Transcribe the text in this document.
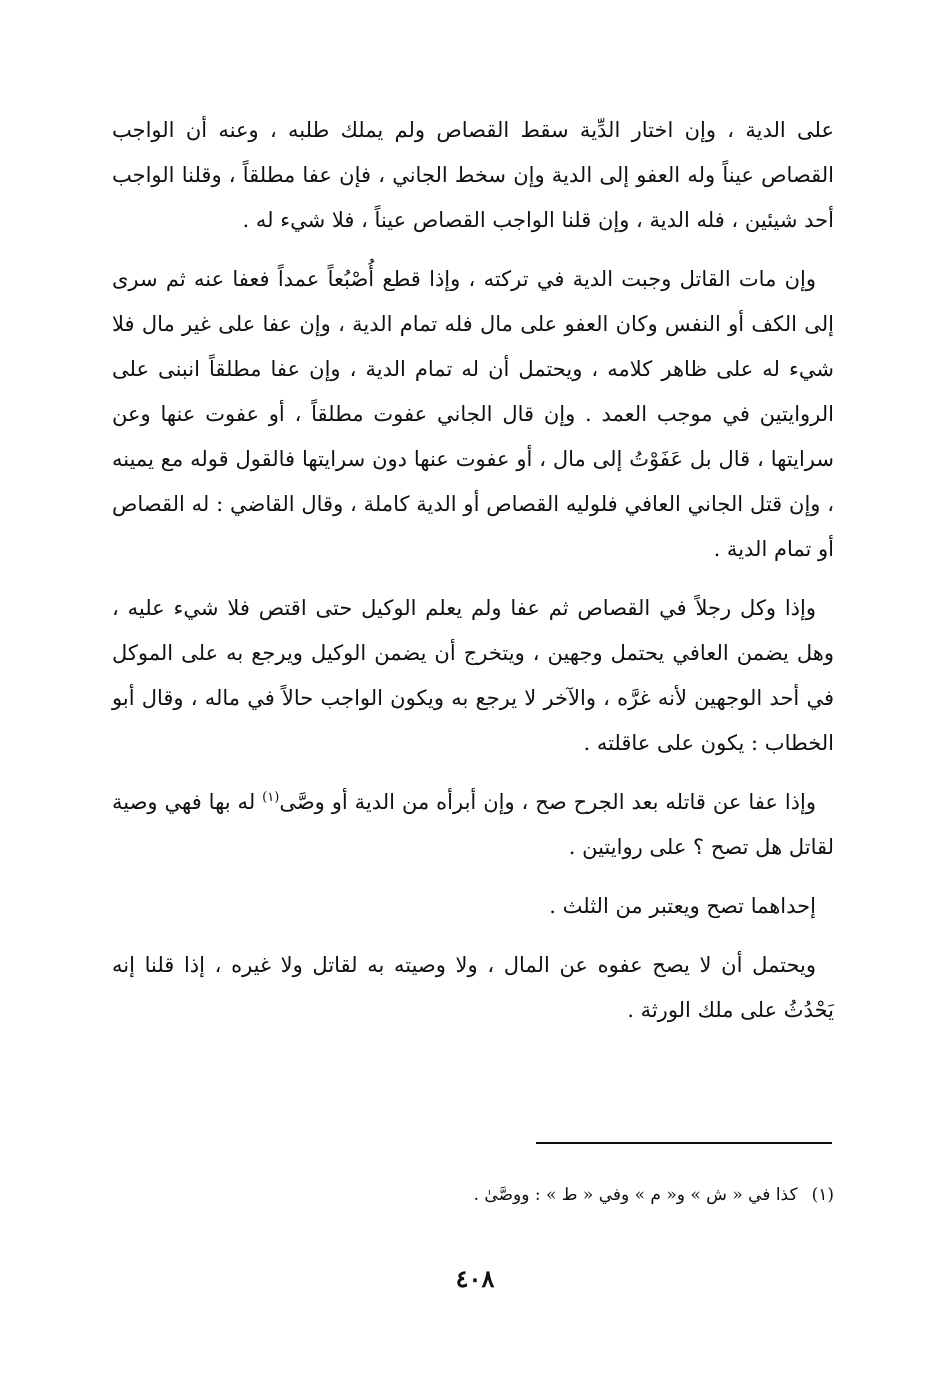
على الدية ، وإن اختار الدِّية سقط القصاص ولم يملك طلبه ، وعنه أن الواجب القصاص عيناً وله العفو إلى الدية وإن سخط الجاني ، فإن عفا مطلقاً ، وقلنا الواجب أحد شيئين ، فله الدية ، وإن قلنا الواجب القصاص عيناً ، فلا شيء له .

وإن مات القاتل وجبت الدية في تركته ، وإذا قطع أُصْبُعاً عمداً فعفا عنه ثم سرى إلى الكف أو النفس وكان العفو على مال فله تمام الدية ، وإن عفا على غير مال فلا شيء له على ظاهر كلامه ، ويحتمل أن له تمام الدية ، وإن عفا مطلقاً انبنى على الروايتين في موجب العمد . وإن قال الجاني عفوت مطلقاً ، أو عفوت عنها وعن سرايتها ، قال بل عَفَوْتُ إلى مال ، أو عفوت عنها دون سرايتها فالقول قوله مع يمينه ، وإن قتل الجاني العافي فلوليه القصاص أو الدية كاملة ، وقال القاضي : له القصاص أو تمام الدية .

وإذا وكل رجلاً في القصاص ثم عفا ولم يعلم الوكيل حتى اقتص فلا شيء عليه ، وهل يضمن العافي يحتمل وجهين ، ويتخرج أن يضمن الوكيل ويرجع به على الموكل في أحد الوجهين لأنه غرَّه ، والآخر لا يرجع به ويكون الواجب حالاً في ماله ، وقال أبو الخطاب : يكون على عاقلته .

وإذا عفا عن قاتله بعد الجرح صح ، وإن أبرأه من الدية أو وصَّى$^{(١)}$ له بها فهي وصية لقاتل هل تصح ؟ على روايتين .

إحداهما تصح ويعتبر من الثلث .

ويحتمل أن لا يصح عفوه عن المال ، ولا وصيته به لقاتل ولا غيره ، إذا قلنا إنه يَحْدُثُ على ملك الورثة .

(١)كذا في « ش » و« م » وفي « ط » : ووصَّىٰ .
٤٠٨
